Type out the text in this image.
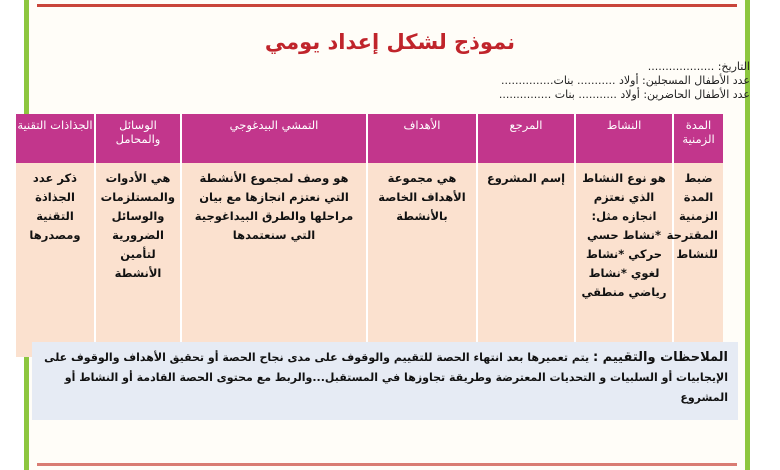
نموذج لشكل إعداد يومي
التاريخ: ...................
عدد الأطفال المسجلين: أولاد ........... بنات...............
عدد الأطفال الحاضرين: أولاد ........... بنات ...............
المدة الزمنية	النشاط	المرجع	الأهداف	التمشي البيدغوجي	الوسائل والمحامل	الجذاذات التقنية
ضبط المدة الزمنية المقترحة للنشاط	هو نوع النشاط الذي نعتزم انجازه مثل: *نشاط حسي حركي *نشاط لغوي *نشاط رياضي منطقي	إسم المشروع	هي مجموعة الأهداف الخاصة بالأنشطة	هو وصف لمجموع الأنشطة التي نعتزم انجازها مع بيان مراحلها والطرق البيداغوجية التي سنعتمدها	هي الأدوات والمستلزمات والوسائل الضرورية لتأمين الأنشطة	ذكر عدد الجذاذة التقنية ومصدرها
الملاحظات والتقييم : يتم تعميرها بعد انتهاء الحصة للتقييم والوقوف على مدى نجاح الحصة أو تحقيق الأهداف والوقوف على الإيجابيات أو السلبيات و التحديات المعترضة وطريقة تجاوزها في المستقبل...والربط مع محتوى الحصة القادمة أو النشاط أو المشروع
